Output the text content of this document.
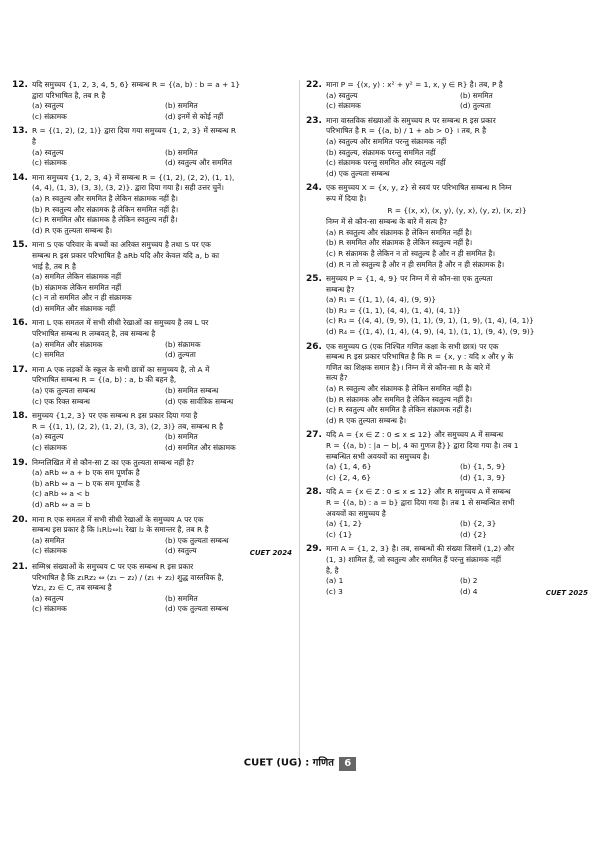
12. यदि समुच्चय {1, 2, 3, 4, 5, 6} सम्बन्ध R = {(a, b) : b = a + 1}
द्वारा परिभाषित है, तब R है
(a) स्वतुल्य	(b) सममित
(c) संक्रामक	(d) इनमें से कोई नहीं
13. R = {(1, 2), (2, 1)} द्वारा दिया गया समुच्चय {1, 2, 3} में सम्बन्ध R
है
(a) स्वतुल्य	(b) सममित
(c) संक्रामक	(d) स्वतुल्य और सममित
14. माना समुच्चय {1, 2, 3, 4} में सम्बन्ध R = {(1, 2), (2, 2), (1, 1),
(4, 4), (1, 3), (3, 3), (3, 2)}. द्वारा दिया गया है। सही उत्तर चुनें।
(a) R स्वतुल्य और सममित है लेकिन संक्रामक नहीं है।
(b) R स्वतुल्य और संक्रामक है लेकिन सममित नहीं है।
(c) R सममित और संक्रामक है लेकिन स्वतुल्य नहीं है।
(d) R एक तुल्यता सम्बन्ध है।
15. माना S एक परिवार के बच्चों का अरिक्त समुच्चय है तथा S पर एक
सम्बन्ध R इस प्रकार परिभाषित है aRb यदि और केवल यदि a, b का
भाई है, तब R है
(a) सममित लेकिन संक्रामक नहीं
(b) संक्रामक लेकिन सममित नहीं
(c) न तो सममित और न ही संक्रामक
(d) सममित और संक्रामक नहीं
16. माना L एक समतल में सभी सीधी रेखाओं का समुच्चय है तब L पर
परिभाषित सम्बन्ध R लम्बवत् है, तब सम्बन्ध है
(a) सममित और संक्रामक	(b) संक्रामक
(c) सममित	(d) तुल्यता
17. माना A एक लड़कों के स्कूल के सभी छात्रों का समुच्चय है, तो A में
परिभाषित सम्बन्ध R = {(a, b) : a, b की बहन है,
(a) एक तुल्यता सम्बन्ध	(b) सममित सम्बन्ध
(c) एक रिक्त सम्बन्ध	(d) एक सार्वत्रिक सम्बन्ध
18. समुच्चय {1,2, 3} पर एक सम्बन्ध R इस प्रकार दिया गया है
R = {(1, 1), (2, 2), (1, 2), (3, 3), (2, 3)} तब, सम्बन्ध R है
(a) स्वतुल्य	(b) सममित
(c) संक्रामक	(d) सममित और संक्रामक
19. निम्नलिखित में से कौन-सा Z का एक तुल्यता सम्बन्ध नहीं है?
(a) aRb ⇔ a + b एक सम पूर्णांक है
(b) aRb ⇔ a − b एक सम पूर्णांक है
(c) aRb ⇔ a < b
(d) aRb ⇔ a = b
20. माना R एक समतल में सभी सीधी रेखाओं के समुच्चय A पर एक
सम्बन्ध इस प्रकार है कि l₁Rl₂⇔l₁ रेखा l₂ के समान्तर है, तब R है
(a) सममित	(b) एक तुल्यता सम्बन्ध
(c) संक्रामक	(d) स्वतुल्य	CUET 2024
21. सम्मिश्र संख्याओं के समुच्चय C पर एक सम्बन्ध R इस प्रकार
परिभाषित है कि z₁Rz₂ ⇔ (z₁ − z₂) / (z₁ + z₂) शुद्ध वास्तविक है,
∀z₁, z₂ ∈ C, तब सम्बन्ध है
(a) स्वतुल्य	(b) सममित
(c) संक्रामक	(d) एक तुल्यता सम्बन्ध
22. माना P = {(x, y) : x² + y² = 1, x, y ∈ R} है। तब, P है
(a) स्वतुल्य	(b) सममित
(c) संक्रामक	(d) तुल्यता
23. माना वास्तविक संख्याओं के समुच्चय R पर सम्बन्ध R इस प्रकार
परिभाषित है R = {(a, b) / 1 + ab > 0} । तब, R है
(a) स्वतुल्य और सममित परन्तु संक्रामक नहीं
(b) स्वतुल्य, संक्रामक परन्तु सममित नहीं
(c) संक्रामक परन्तु सममित और स्वतुल्य नहीं
(d) एक तुल्यता सम्बन्ध
24. एक समुच्चय X = {x, y, z} से स्वयं पर परिभाषित सम्बन्ध R निम्न
रूप में दिया है।
R = {(x, x), (x, y), (y, x), (y, z), (x, z)}
निम्न में से कौन-सा सम्बन्ध के बारे में सत्य है?
(a) R स्वतुल्य और संक्रामक है लेकिन सममित नहीं है।
(b) R सममित और संक्रामक है लेकिन स्वतुल्य नहीं है।
(c) R संक्रामक है लेकिन न तो स्वतुल्य है और न ही सममित है।
(d) R न तो स्वतुल्य है और न ही सममित है और न ही संक्रामक है।
25. समुच्चय P = {1, 4, 9} पर निम्न में से कौन-सा एक तुल्यता
सम्बन्ध है?
(a) R₁ = {(1, 1), (4, 4), (9, 9)}
(b) R₂ = {(1, 1), (4, 4), (1, 4), (4, 1)}
(c) R₃ = {(4, 4), (9, 9), (1, 1), (9, 1), (1, 9), (1, 4), (4, 1)}
(d) R₄ = {(1, 4), (1, 4), (4, 9), (4, 1), (1, 1), (9, 4), (9, 9)}
26. एक समुच्चय G (एक निश्चित गणित कक्षा के सभी छात्र) पर एक
सम्बन्ध R इस प्रकार परिभाषित है कि R = {x, y : यदि x और y के
गणित का शिक्षक समान है}। निम्न में से कौन-सा R के बारे में
सत्य है?
(a) R स्वतुल्य और संक्रामक है लेकिन सममित नहीं है।
(b) R संक्रामक और सममित है लेकिन स्वतुल्य नहीं है।
(c) R स्वतुल्य और सममित है लेकिन संक्रामक नहीं है।
(d) R एक तुल्यता सम्बन्ध है।
27. यदि A = {x ∈ Z : 0 ≤ x ≤ 12} और समुच्चय A में सम्बन्ध
R = {(a, b) : |a − b|, 4 का गुणज है}} द्वारा दिया गया है। तब 1
सम्बन्धित सभी अवयवों का समुच्चय है।
(a) {1, 4, 6}	(b) {1, 5, 9}
(c) {2, 4, 6}	(d) {1, 3, 9}
28. यदि A = {x ∈ Z : 0 ≤ x ≤ 12} और R समुच्चय A में सम्बन्ध
R = {(a, b) : a = b} द्वारा दिया गया है। तब 1 से सम्बन्धित सभी
अवयवों का समुच्चय है
(a) {1, 2}	(b) {2, 3}
(c) {1}	(d) {2}
29. माना A = {1, 2, 3} है। तब, सम्बन्धों की संख्या जिसमें (1,2) और
(1, 3) शामिल हैं, जो स्वतुल्य और सममित हैं परन्तु संक्रामक नहीं
है, है
(a) 1	(b) 2
(c) 3	(d) 4	CUET 2025
CUET (UG) : गणित 6
